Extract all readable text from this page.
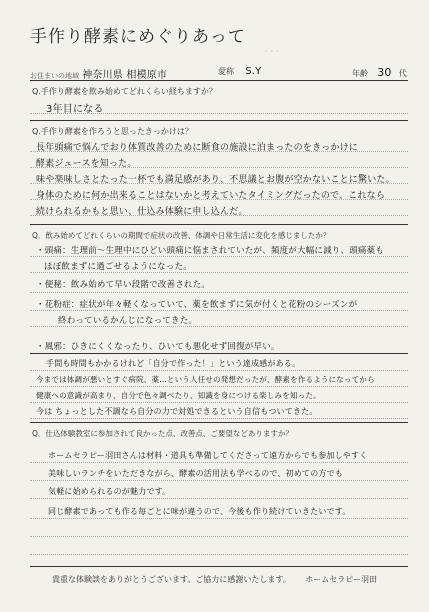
手作り酵素にめぐりあって
· · ·
お住まいの地域 神奈川県 相模原市	愛称 S.Y	年齢 30 代
Q.手作り酵素を飲み始めてどれくらい経ちますか？
3年目になる
Q.手作り酵素を作ろうと思ったきっかけは？
長年頭痛で悩んでおり体質改善のために断食の施設に泊まったのをきっかけに
酵素ジュースを知った。
味や楽味しさとたった一杯でも満足感があり、不思議とお腹が空かないことに驚いた。
身体のために何か出来ることはないかと考えていたタイミングだったので、これなら
続けられるかもと思い、仕込み体験に申し込んだ。
Q．飲み始めてどれくらいの期間で症状の改善、体調や日常生活に変化を感じましたか？
・頭痛：生理前〜生理中にひどい頭痛に悩まされていたが、頻度が大幅に減り、頭痛薬も
ほぼ飲まずに過ごせるようになった。
・便秘：飲み始めて早い段階で改善された。
・花粉症：症状が年々軽くなっていて、薬を飲まずに気が付くと花粉のシーズンが
終わっているかんじになってきた。
・風邪：ひきにくくなったり、ひいても悪化せず回復が早い。
手間も時間もかかるけれど「自分で作った！」という達成感がある。
今までは体調が悪いとすぐ病院、薬…という人任せの発想だったが、酵素を作るようになってから
健康への意識が高まり、自分で色々調べたり、知識を身につける楽しみを知った。
今は ちょっとした不調なら自分の力で対処できるという自信もついてきた。
Q．仕込体験教室に参加されて良かった点、改善点、ご要望などありますか？
ホームセラピー羽田さんは材料・道具も準備してくださって遠方からでも参加しやすく
美味しいランチをいただきながら、酵素の活用法も学べるので、初めての方でも
気軽に始められるのが魅力です。
同じ酵素であっても作る毎ごとに味が違うので、今後も作り続けていきたいです。
貴重な体験談をありがとうございます。ご協力に感謝いたします。 ホームセラピー羽田
